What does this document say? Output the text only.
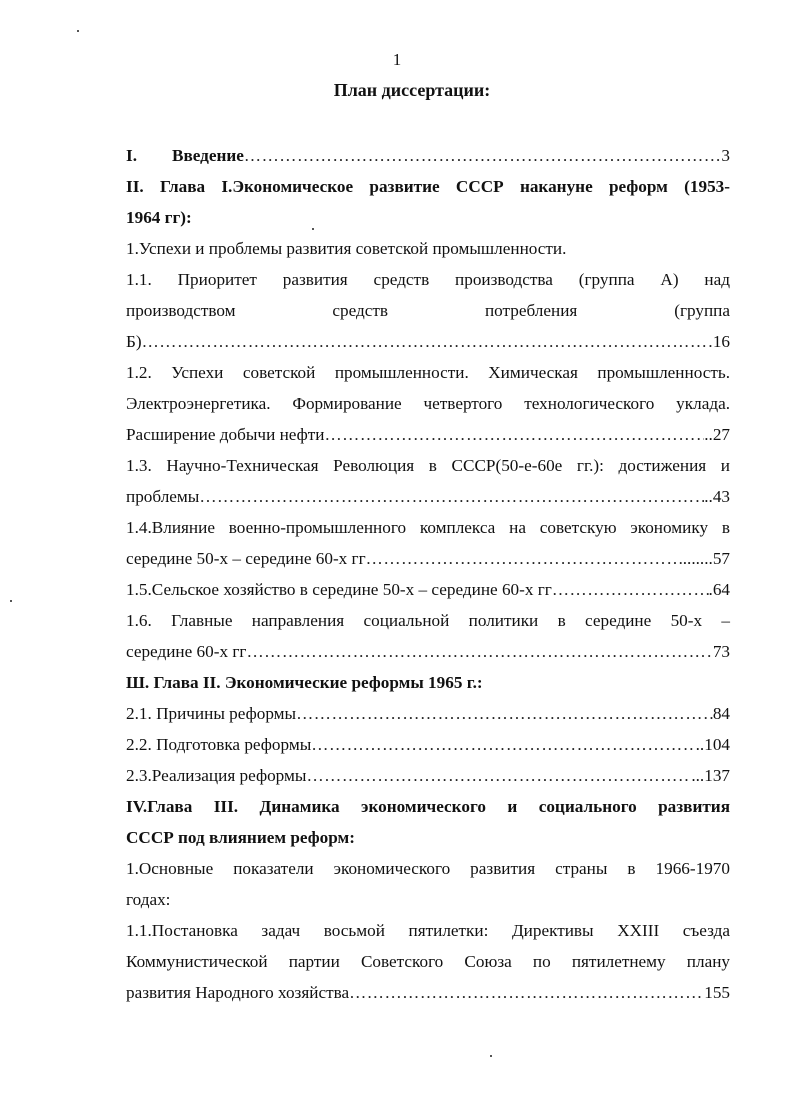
1
План диссертации:
I. Введение …………………………………………………………………………………………………………………………………………………………………………………	3
II. Глава I.Экономическое развитие СССР накануне реформ (1953-
1964 гг):
1.Успехи и проблемы развития советской промышленности.
1.1. Приоритет развития средств производства (группа А) над
производством средств потребления (группа
Б) …………………………………………………………………………………………………………………………………………………………………………………	16
1.2. Успехи советской промышленности. Химическая промышленность.
Электроэнергетика. Формирование четвертого технологического уклада.
Расширение добычи нефти …………………………………………………………………………………………………………………………………………………………………………………	..27
1.3. Научно-Техническая Революция в СССР(50-е-60е гг.): достижения и
проблемы …………………………………………………………………………………………………………………………………………………………………………………	..43
1.4.Влияние военно-промышленного комплекса на советскую экономику в
середине 50-х – середине 60-х гг …………………………………………………………………………………………………………………………………………………………………………………	.......57
1.5.Сельское хозяйство в середине 50-х – середине 60-х гг …………………………………………………………………………………………………………………………………………………………………………………	.64
1.6. Главные направления социальной политики в середине 50-х –
середине 60-х гг …………………………………………………………………………………………………………………………………………………………………………………	73
Ш. Глава II. Экономические реформы 1965 г.:
2.1. Причины реформы …………………………………………………………………………………………………………………………………………………………………………………	84
2.2. Подготовка реформы …………………………………………………………………………………………………………………………………………………………………………………	..104
2.3.Реализация реформы …………………………………………………………………………………………………………………………………………………………………………………	...137
IV.Глава III. Динамика экономического и социального развития
СССР под влиянием реформ:
1.Основные показатели экономического развития страны в 1966-1970
годах:
1.1.Постановка задач восьмой пятилетки: Директивы XXIII съезда
Коммунистической партии Советского Союза по пятилетнему плану
развития Народного хозяйства …………………………………………………………………………………………………………………………………………………………………………………	155
